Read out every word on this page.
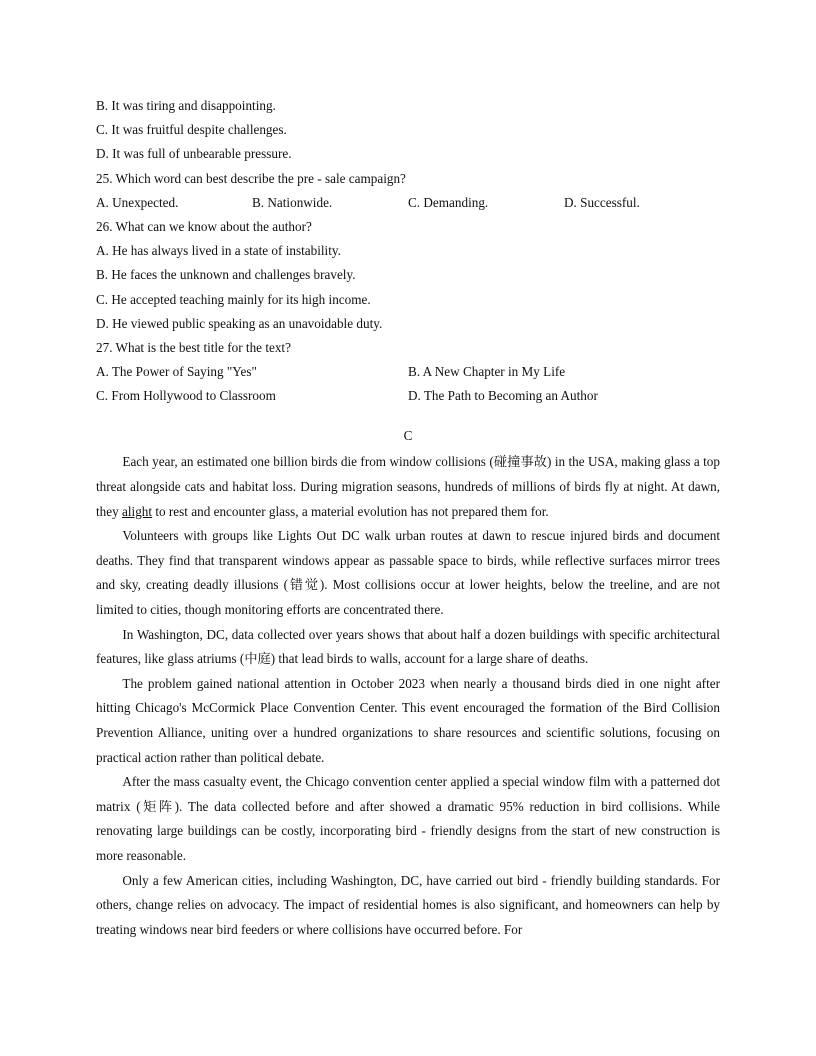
B. It was tiring and disappointing.
C. It was fruitful despite challenges.
D. It was full of unbearable pressure.
25. Which word can best describe the pre - sale campaign?
A. Unexpected.	B. Nationwide.	C. Demanding.	D. Successful.
26. What can we know about the author?
A. He has always lived in a state of instability.
B. He faces the unknown and challenges bravely.
C. He accepted teaching mainly for its high income.
D. He viewed public speaking as an unavoidable duty.
27. What is the best title for the text?
A. The Power of Saying "Yes"	B. A New Chapter in My Life
C. From Hollywood to Classroom	D. The Path to Becoming an Author
C

Each year, an estimated one billion birds die from window collisions (碰撞事故) in the USA, making glass a top threat alongside cats and habitat loss. During migration seasons, hundreds of millions of birds fly at night. At dawn, they alight to rest and encounter glass, a material evolution has not prepared them for.

Volunteers with groups like Lights Out DC walk urban routes at dawn to rescue injured birds and document deaths. They find that transparent windows appear as passable space to birds, while reflective surfaces mirror trees and sky, creating deadly illusions (错觉). Most collisions occur at lower heights, below the treeline, and are not limited to cities, though monitoring efforts are concentrated there.

In Washington, DC, data collected over years shows that about half a dozen buildings with specific architectural features, like glass atriums (中庭) that lead birds to walls, account for a large share of deaths.

The problem gained national attention in October 2023 when nearly a thousand birds died in one night after hitting Chicago's McCormick Place Convention Center. This event encouraged the formation of the Bird Collision Prevention Alliance, uniting over a hundred organizations to share resources and scientific solutions, focusing on practical action rather than political debate.

After the mass casualty event, the Chicago convention center applied a special window film with a patterned dot matrix (矩阵). The data collected before and after showed a dramatic 95% reduction in bird collisions. While renovating large buildings can be costly, incorporating bird - friendly designs from the start of new construction is more reasonable.

Only a few American cities, including Washington, DC, have carried out bird - friendly building standards. For others, change relies on advocacy. The impact of residential homes is also significant, and homeowners can help by treating windows near bird feeders or where collisions have occurred before. For
